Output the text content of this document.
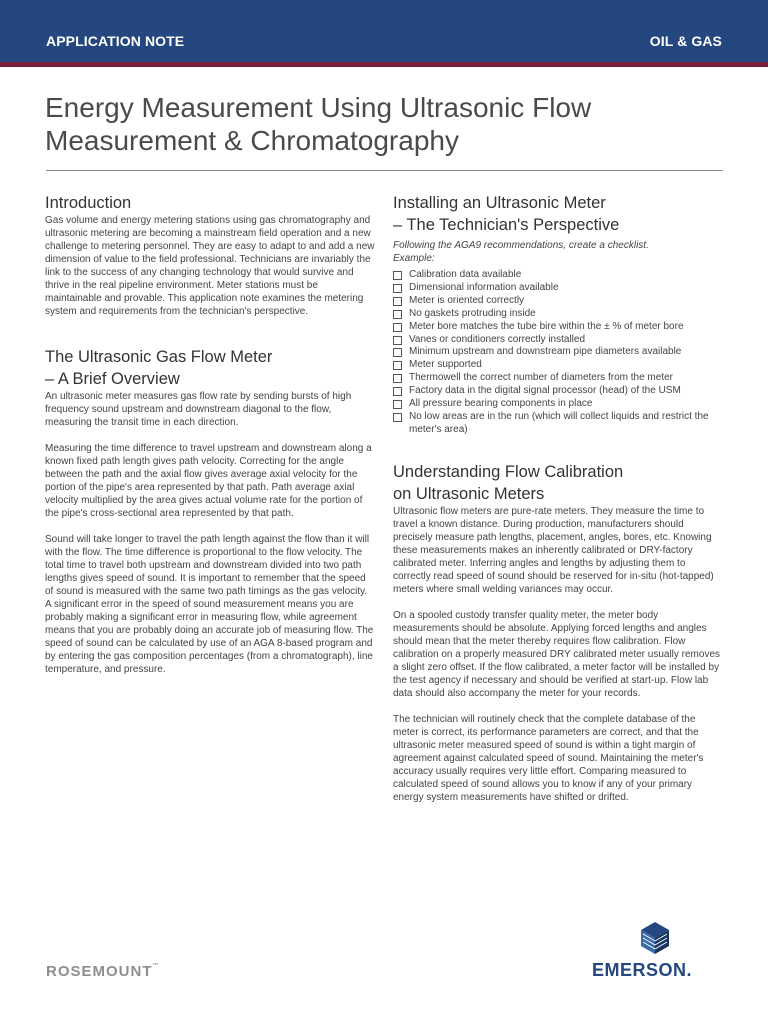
APPLICATION NOTE	OIL & GAS
Energy Measurement Using Ultrasonic Flow
Measurement & Chromatography
Introduction

Gas volume and energy metering stations using gas chromatography and ultrasonic metering are becoming a mainstream field operation and a new challenge to metering personnel. They are easy to adapt to and add a new dimension of value to the field professional. Technicians are invariably the link to the success of any changing technology that would survive and thrive in the real pipeline environment. Meter stations must be maintainable and provable. This application note examines the metering system and requirements from the technician's perspective.

The Ultrasonic Gas Flow Meter
– A Brief Overview

An ultrasonic meter measures gas flow rate by sending bursts of high frequency sound upstream and downstream diagonal to the flow, measuring the transit time in each direction.

Measuring the time difference to travel upstream and downstream along a known fixed path length gives path velocity. Correcting for the angle between the path and the axial flow gives average axial velocity for the portion of the pipe's area represented by that path. Path average axial velocity multiplied by the area gives actual volume rate for the portion of the pipe's cross-sectional area represented by that path.

Sound will take longer to travel the path length against the flow than it will with the flow. The time difference is proportional to the flow velocity. The total time to travel both upstream and downstream divided into two path lengths gives speed of sound. It is important to remember that the speed of sound is measured with the same two path timings as the gas velocity. A significant error in the speed of sound measurement means you are probably making a significant error in measuring flow, while agreement means that you are probably doing an accurate job of measuring flow. The speed of sound can be calculated by use of an AGA 8-based program and by entering the gas composition percentages (from a chromatograph), line temperature, and pressure.

Installing an Ultrasonic Meter
– The Technician's Perspective

Following the AGA9 recommendations, create a checklist.

Example:

Calibration data available
Dimensional information available
Meter is oriented correctly
No gaskets protruding inside
Meter bore matches the tube bire within the ± % of meter bore
Vanes or conditioners correctly installed
Minimum upstream and downstream pipe diameters available
Meter supported
Thermowell the correct number of diameters from the meter
Factory data in the digital signal processor (head) of the USM
All pressure bearing components in place
No low areas are in the run (which will collect liquids and restrict the meter's area)
Understanding Flow Calibration
on Ultrasonic Meters

Ultrasonic flow meters are pure-rate meters. They measure the time to travel a known distance. During production, manufacturers should precisely measure path lengths, placement, angles, bores, etc. Knowing these measurements makes an inherently calibrated or DRY-factory calibrated meter. Inferring angles and lengths by adjusting them to correctly read speed of sound should be reserved for in-situ (hot-tapped) meters where small welding variances may occur.

On a spooled custody transfer quality meter, the meter body measurements should be absolute. Applying forced lengths and angles should mean that the meter thereby requires flow calibration. Flow calibration on a properly measured DRY calibrated meter usually removes a slight zero offset. If the flow calibrated, a meter factor will be installed by the test agency if necessary and should be verified at start-up. Flow lab data should also accompany the meter for your records.

The technician will routinely check that the complete database of the meter is correct, its performance parameters are correct, and that the ultrasonic meter measured speed of sound is within a tight margin of agreement against calculated speed of sound. Maintaining the meter's accuracy usually requires very little effort. Comparing measured to calculated speed of sound allows you to know if any of your primary energy system measurements have shifted or drifted.

ROSEMOUNT™	EMERSON.
